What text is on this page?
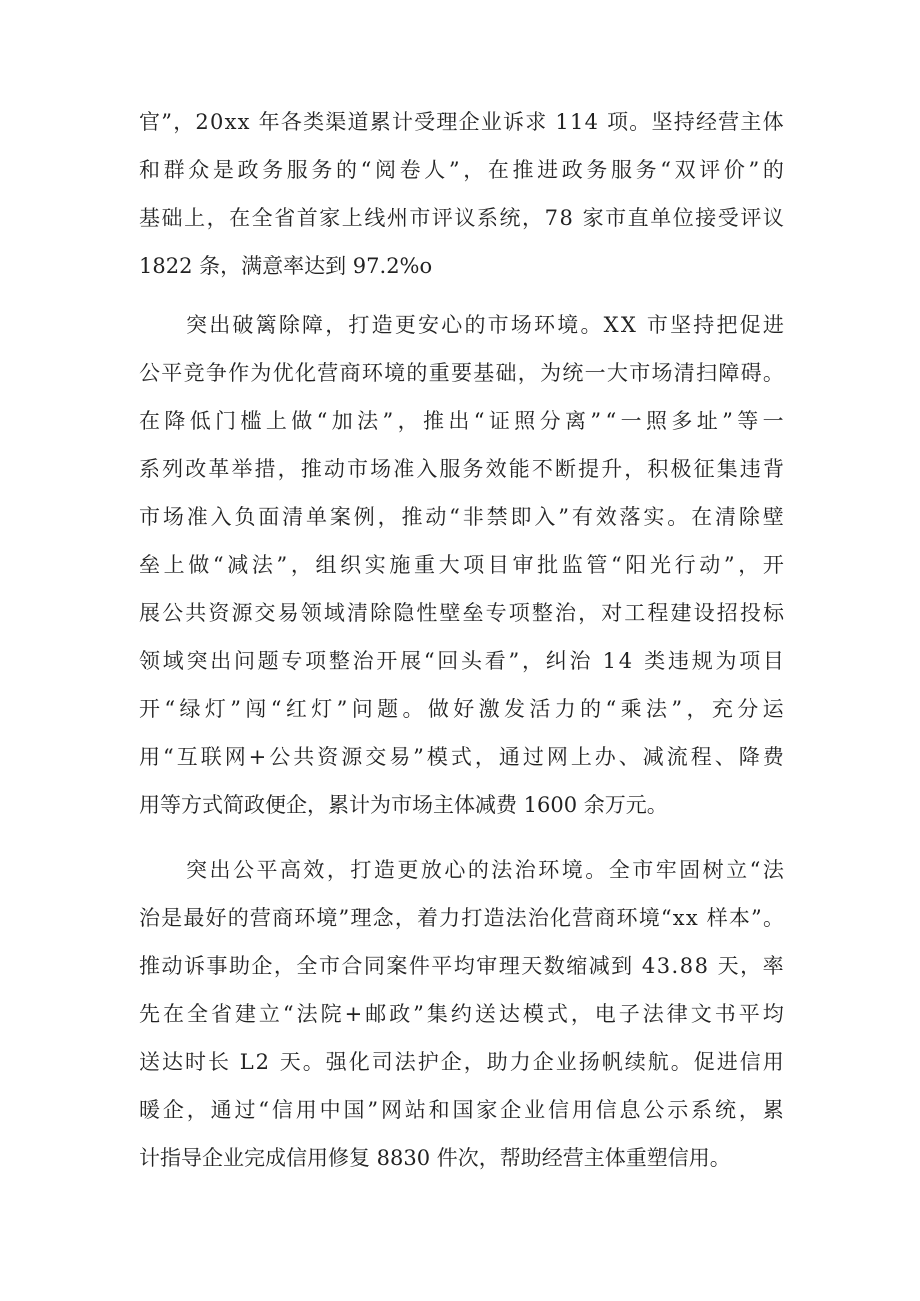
官 ” ， 2 0 x x
年 各 类 渠 道 累 计 受 理 企 业 诉 求
1 1 4
项 。 坚 持 经 营 主 体
和 群 众 是 政 务 服 务 的 “ 阅 卷 人 ” ， 在 推 进 政 务 服 务 “ 双 评 价 ” 的
基 础 上 ， 在 全 省 首 家 上 线 州 市 评 议 系 统 ， 7 8
家 市 直 单 位 接 受 评 议
1822 条，满意率达到 97.2%o
突 出 破 篱 除 障 ， 打 造 更 安 心 的 市 场 环 境 。 X X
市 坚 持 把 促 进
公 平 竞 争 作 为 优 化 营 商 环 境 的 重 要 基 础 ， 为 统 一 大 市 场 清 扫 障 碍 。
在 降 低 门 槛 上 做 “ 加 法 ” ， 推 出 “ 证 照 分 离 ” “ 一 照 多 址 ” 等 一
系 列 改 革 举 措 ， 推 动 市 场 准 入 服 务 效 能 不 断 提 升 ， 积 极 征 集 违 背
市 场 准 入 负 面 清 单 案 例 ， 推 动 “ 非 禁 即 入 ” 有 效 落 实 。 在 清 除 壁
垒 上 做 “ 减 法 ” ， 组 织 实 施 重 大 项 目 审 批 监 管 “ 阳 光 行 动 ” ， 开
展 公 共 资 源 交 易 领 域 清 除 隐 性 壁 垒 专 项 整 治 ， 对 工 程 建 设 招 投 标
领 域 突 出 问 题 专 项 整 治 开 展 “ 回 头 看 ” ， 纠 治
1 4
类 违 规 为 项 目
开 “ 绿 灯 ” 闯 “ 红 灯 ” 问 题 。 做 好 激 发 活 力 的 “ 乘 法 ” ， 充 分 运
用 “ 互 联 网 + 公 共 资 源 交 易 ” 模 式 ， 通 过 网 上 办 、 减 流 程 、 降 费
用等方式简政便企，累计为市场主体减费 1600 余万元。
突 出 公 平 高 效 ， 打 造 更 放 心 的 法 治 环 境 。 全 市 牢 固 树 立 “ 法
治 是 最 好 的 营 商 环 境 ” 理 念 ， 着 力 打 造 法 治 化 营 商 环 境 “ x x
样 本 ” 。
推 动 诉 事 助 企 ， 全 市 合 同 案 件 平 均 审 理 天 数 缩 减 到
4 3 . 8 8
天 ， 率
先 在 全 省 建 立 “ 法 院 + 邮 政 ” 集 约 送 达 模 式 ， 电 子 法 律 文 书 平 均
送 达 时 长
L 2
天 。 强 化 司 法 护 企 ， 助 力 企 业 扬 帆 续 航 。 促 进 信 用
暖 企 ， 通 过 “ 信 用 中 国 ” 网 站 和 国 家 企 业 信 用 信 息 公 示 系 统 ， 累
计指导企业完成信用修复 8830 件次，帮助经营主体重塑信用。
